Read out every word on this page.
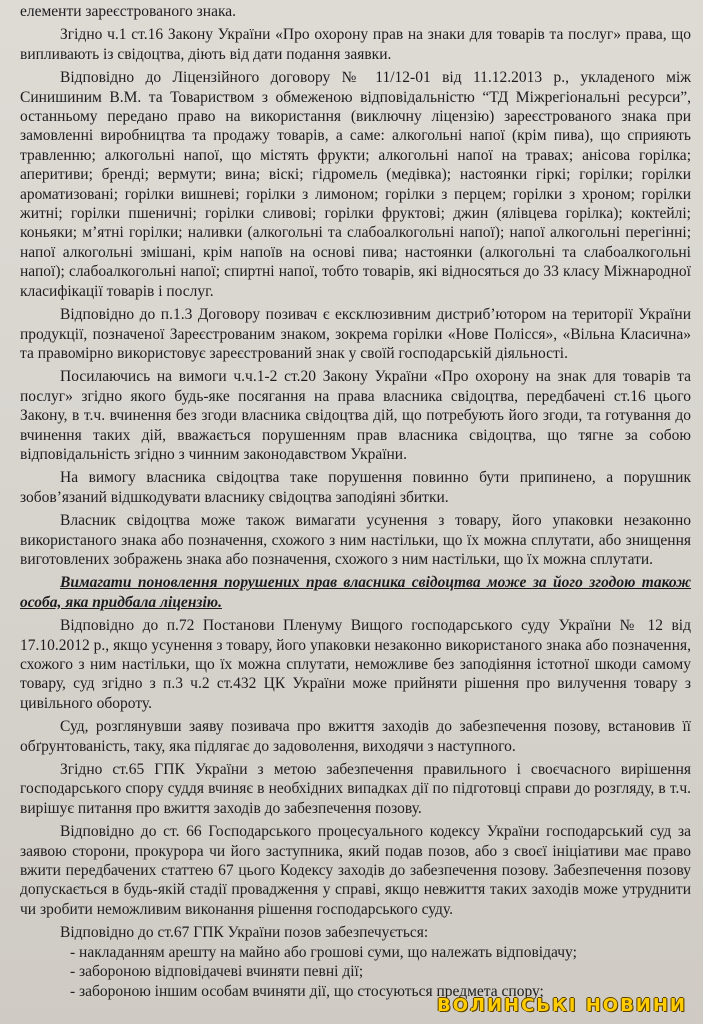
елементи зареєстрованого знака.

Згідно ч.1 ст.16 Закону України «Про охорону прав на знаки для товарів та послуг» права, що випливають із свідоцтва, діють від дати подання заявки.

Відповідно до Ліцензійного договору № 11/12-01 від 11.12.2013 р., укладеного між Синишиним В.М. та Товариством з обмеженою відповідальністю “ТД Міжрегіональні ресурси”, останньому передано право на використання (виключну ліцензію) зареєстрованого знака при замовленні виробництва та продажу товарів, а саме: алкогольні напої (крім пива), що сприяють травленню; алкогольні напої, що містять фрукти; алкогольні напої на травах; анісова горілка; аперитиви; бренді; вермути; вина; віскі; гідромель (медівка); настоянки гіркі; горілки; горілки ароматизовані; горілки вишневі; горілки з лимоном; горілки з перцем; горілки з хроном; горілки житні; горілки пшеничні; горілки сливові; горілки фруктові; джин (ялівцева горілка); коктейлі; коньяки; м’ятні горілки; наливки (алкогольні та слабоалкогольні напої); напої алкогольні перегінні; напої алкогольні змішані, крім напоїв на основі пива; настоянки (алкогольні та слабоалкогольні напої); слабоалкогольні напої; спиртні напої, тобто товарів, які відносяться до 33 класу Міжнародної класифікації товарів і послуг.

Відповідно до п.1.3 Договору позивач є ексклюзивним дистриб’ютором на території України продукції, позначеної Зареєстрованим знаком, зокрема горілки «Нове Полісся», «Вільна Класична» та правомірно використовує зареєстрований знак у своїй господарській діяльності.

Посилаючись на вимоги ч.ч.1-2 ст.20 Закону України «Про охорону на знак для товарів та послуг» згідно якого будь-яке посягання на права власника свідоцтва, передбачені ст.16 цього Закону, в т.ч. вчинення без згоди власника свідоцтва дій, що потребують його згоди, та готування до вчинення таких дій, вважається порушенням прав власника свідоцтва, що тягне за собою відповідальність згідно з чинним законодавством України.

На вимогу власника свідоцтва таке порушення повинно бути припинено, а порушник зобов’язаний відшкодувати власнику свідоцтва заподіяні збитки.

Власник свідоцтва може також вимагати усунення з товару, його упаковки незаконно використаного знака або позначення, схожого з ним настільки, що їх можна сплутати, або знищення виготовлених зображень знака або позначення, схожого з ним настільки, що їх можна сплутати.

Вимагати поновлення порушених прав власника свідоцтва може за його згодою також особа, яка придбала ліцензію.

Відповідно до п.72 Постанови Пленуму Вищого господарського суду України № 12 від 17.10.2012 р., якщо усунення з товару, його упаковки незаконно використаного знака або позначення, схожого з ним настільки, що їх можна сплутати, неможливе без заподіяння істотної шкоди самому товару, суд згідно з п.3 ч.2 ст.432 ЦК України може прийняти рішення про вилучення товару з цивільного обороту.

Суд, розглянувши заяву позивача про вжиття заходів до забезпечення позову, встановив її обґрунтованість, таку, яка підлягає до задоволення, виходячи з наступного.

Згідно ст.65 ГПК України з метою забезпечення правильного і своєчасного вирішення господарського спору суддя вчиняє в необхідних випадках дії по підготовці справи до розгляду, в т.ч. вирішує питання про вжиття заходів до забезпечення позову.

Відповідно до ст. 66 Господарського процесуального кодексу України господарський суд за заявою сторони, прокурора чи його заступника, який подав позов, або з своєї ініціативи має право вжити передбачених статтею 67 цього Кодексу заходів до забезпечення позову. Забезпечення позову допускається в будь-якій стадії провадження у справі, якщо невжиття таких заходів може утруднити чи зробити неможливим виконання рішення господарського суду.

Відповідно до ст.67 ГПК України позов забезпечується:

- накладанням арешту на майно або грошові суми, що належать відповідачу;
- забороною відповідачеві вчиняти певні дії;
- забороною іншим особам вчиняти дії, що стосуються предмета спору;
ВОЛИНСЬКІ НОВИНИ
